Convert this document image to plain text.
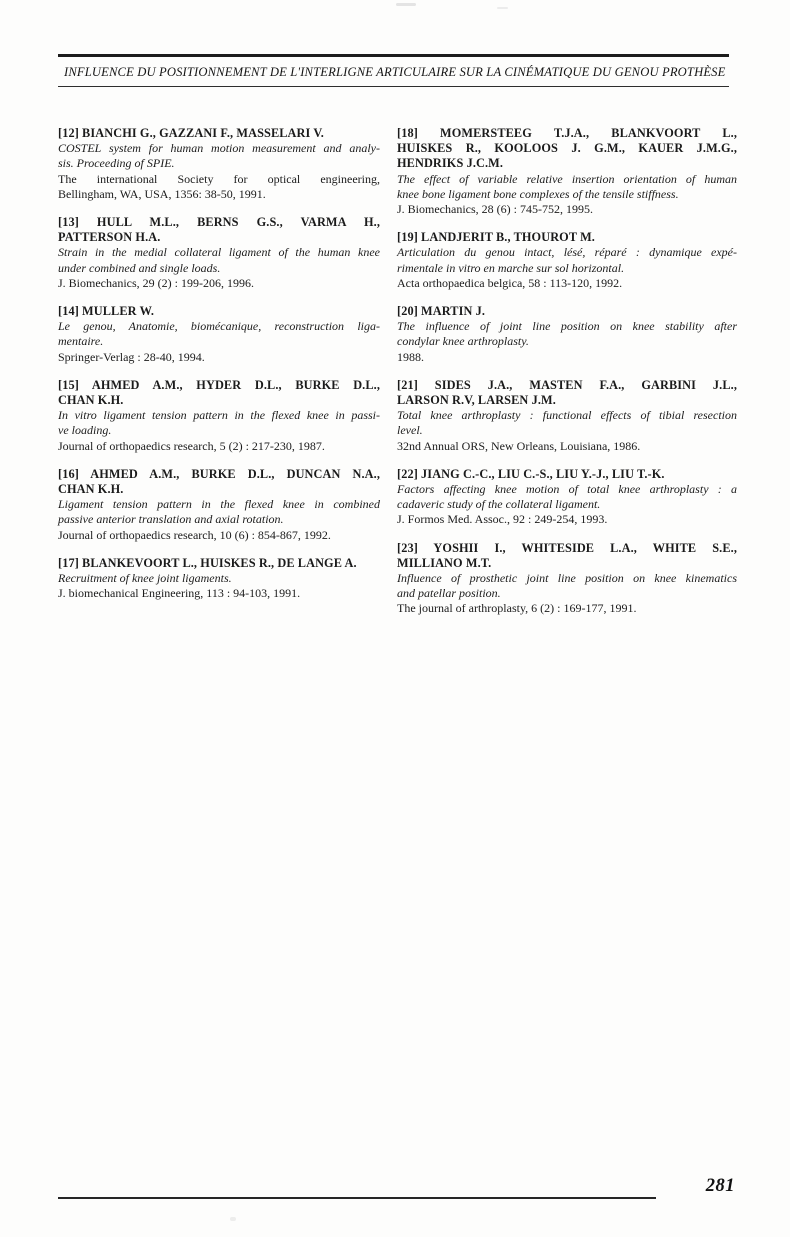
INFLUENCE DU POSITIONNEMENT DE L'INTERLIGNE ARTICULAIRE SUR LA CINÉMATIQUE DU GENOU PROTHÈSE
[12] BIANCHI G., GAZZANI F., MASSELARI V.
COSTEL system for human motion measurement and analy-
sis. Proceeding of SPIE.
The international Society for optical engineering,
Bellingham, WA, USA, 1356: 38-50, 1991.
[13] HULL M.L., BERNS G.S., VARMA H.,
PATTERSON H.A.
Strain in the medial collateral ligament of the human knee
under combined and single loads.
J. Biomechanics, 29 (2) : 199-206, 1996.
[14] MULLER W.
Le genou, Anatomie, biomécanique, reconstruction liga-
mentaire.
Springer-Verlag : 28-40, 1994.
[15] AHMED A.M., HYDER D.L., BURKE D.L.,
CHAN K.H.
In vitro ligament tension pattern in the flexed knee in passi-
ve loading.
Journal of orthopaedics research, 5 (2) : 217-230, 1987.
[16] AHMED A.M., BURKE D.L., DUNCAN N.A.,
CHAN K.H.
Ligament tension pattern in the flexed knee in combined
passive anterior translation and axial rotation.
Journal of orthopaedics research, 10 (6) : 854-867, 1992.
[17] BLANKEVOORT L., HUISKES R., DE LANGE A.
Recruitment of knee joint ligaments.
J. biomechanical Engineering, 113 : 94-103, 1991.
[18] MOMERSTEEG T.J.A., BLANKVOORT L.,
HUISKES R., KOOLOOS J. G.M., KAUER J.M.G.,
HENDRIKS J.C.M.
The effect of variable relative insertion orientation of human
knee bone ligament bone complexes of the tensile stiffness.
J. Biomechanics, 28 (6) : 745-752, 1995.
[19] LANDJERIT B., THOUROT M.
Articulation du genou intact, lésé, réparé : dynamique expé-
rimentale in vitro en marche sur sol horizontal.
Acta orthopaedica belgica, 58 : 113-120, 1992.
[20] MARTIN J.
The influence of joint line position on knee stability after
condylar knee arthroplasty.
1988.
[21] SIDES J.A., MASTEN F.A., GARBINI J.L.,
LARSON R.V, LARSEN J.M.
Total knee arthroplasty : functional effects of tibial resection
level.
32nd Annual ORS, New Orleans, Louisiana, 1986.
[22] JIANG C.-C., LIU C.-S., LIU Y.-J., LIU T.-K.
Factors affecting knee motion of total knee arthroplasty : a
cadaveric study of the collateral ligament.
J. Formos Med. Assoc., 92 : 249-254, 1993.
[23] YOSHII I., WHITESIDE L.A., WHITE S.E.,
MILLIANO M.T.
Influence of prosthetic joint line position on knee kinematics
and patellar position.
The journal of arthroplasty, 6 (2) : 169-177, 1991.
281
